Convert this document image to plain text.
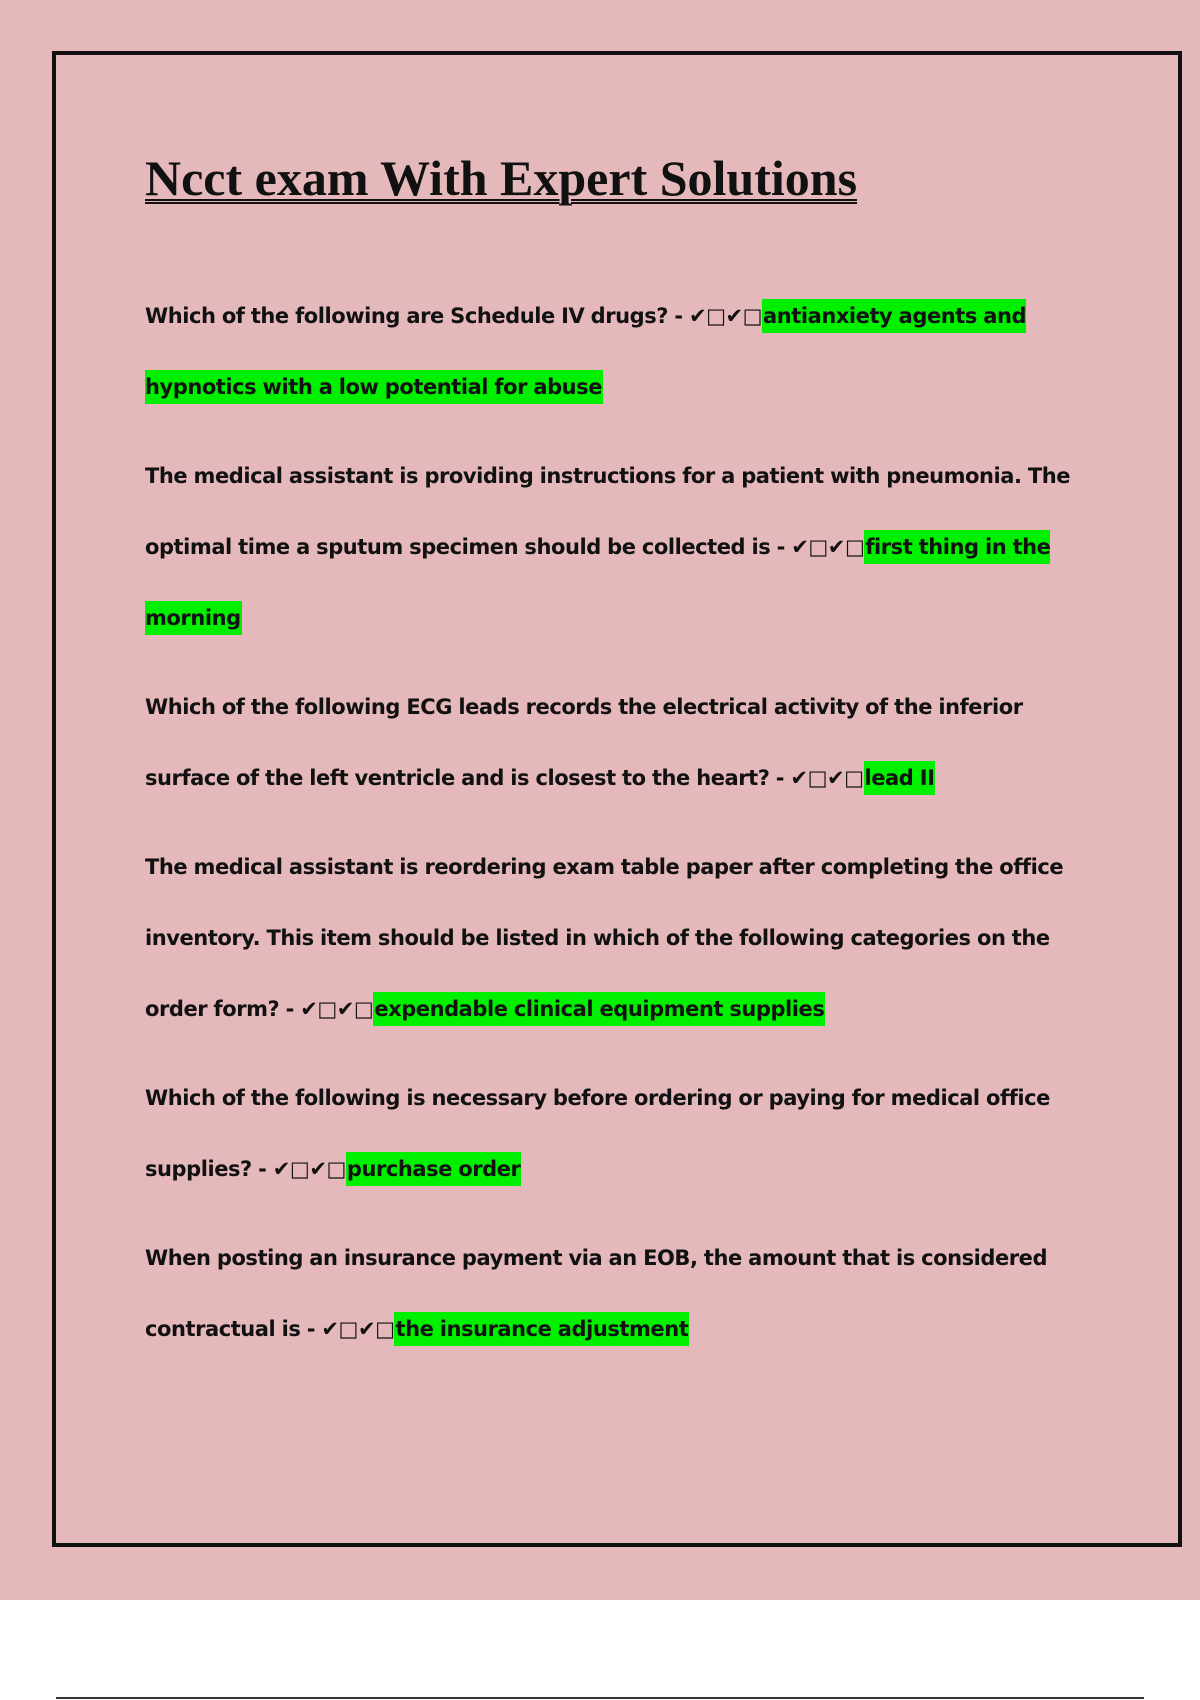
Ncct exam With Expert Solutions

Which of the following are Schedule IV drugs? - ✔□✔□antianxiety agents and hypnotics with a low potential for abuse

The medical assistant is providing instructions for a patient with pneumonia. The optimal time a sputum specimen should be collected is - ✔□✔□first thing in the morning

Which of the following ECG leads records the electrical activity of the inferior surface of the left ventricle and is closest to the heart? - ✔□✔□lead II

The medical assistant is reordering exam table paper after completing the office inventory. This item should be listed in which of the following categories on the order form? - ✔□✔□expendable clinical equipment supplies

Which of the following is necessary before ordering or paying for medical office supplies? - ✔□✔□purchase order

When posting an insurance payment via an EOB, the amount that is considered contractual is - ✔□✔□the insurance adjustment
